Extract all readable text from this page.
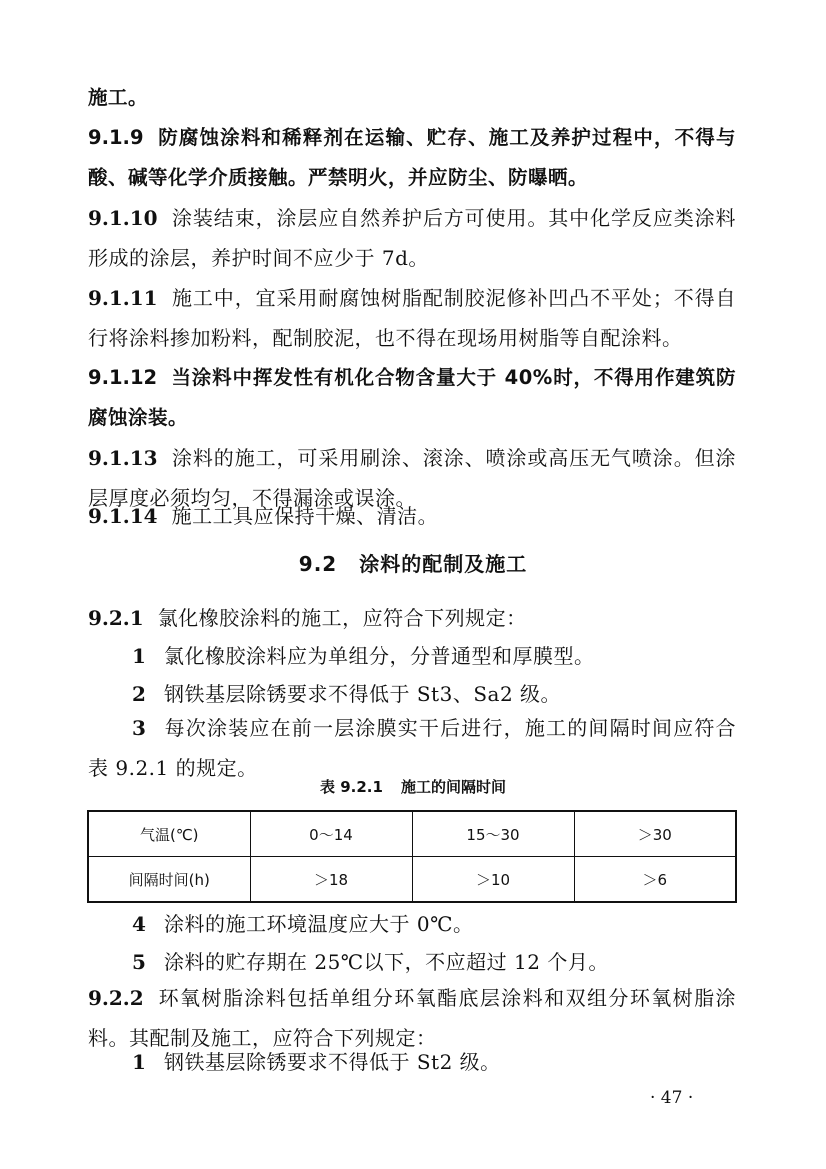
施工。
9.1.9 防腐蚀涂料和稀释剂在运输、贮存、施工及养护过程中，不得与酸、碱等化学介质接触。严禁明火，并应防尘、防曝晒。
9.1.10 涂装结束，涂层应自然养护后方可使用。其中化学反应类涂料形成的涂层，养护时间不应少于 7d。
9.1.11 施工中，宜采用耐腐蚀树脂配制胶泥修补凹凸不平处；不得自行将涂料掺加粉料，配制胶泥，也不得在现场用树脂等自配涂料。
9.1.12 当涂料中挥发性有机化合物含量大于 40%时，不得用作建筑防腐蚀涂装。
9.1.13 涂料的施工，可采用刷涂、滚涂、喷涂或高压无气喷涂。但涂层厚度必须均匀，不得漏涂或误涂。
9.1.14 施工工具应保持干燥、清洁。
9.2 涂料的配制及施工
9.2.1 氯化橡胶涂料的施工，应符合下列规定：
1 氯化橡胶涂料应为单组分，分普通型和厚膜型。
2 钢铁基层除锈要求不得低于 St3、Sa2 级。
3 每次涂装应在前一层涂膜实干后进行，施工的间隔时间应符合表 9.2.1 的规定。
表 9.2.1 施工的间隔时间
气温(℃)	0～14	15～30	＞30
间隔时间(h)	＞18	＞10	＞6
4 涂料的施工环境温度应大于 0℃。
5 涂料的贮存期在 25℃以下，不应超过 12 个月。
9.2.2 环氧树脂涂料包括单组分环氧酯底层涂料和双组分环氧树脂涂料。其配制及施工，应符合下列规定：
1 钢铁基层除锈要求不得低于 St2 级。
· 47 ·
